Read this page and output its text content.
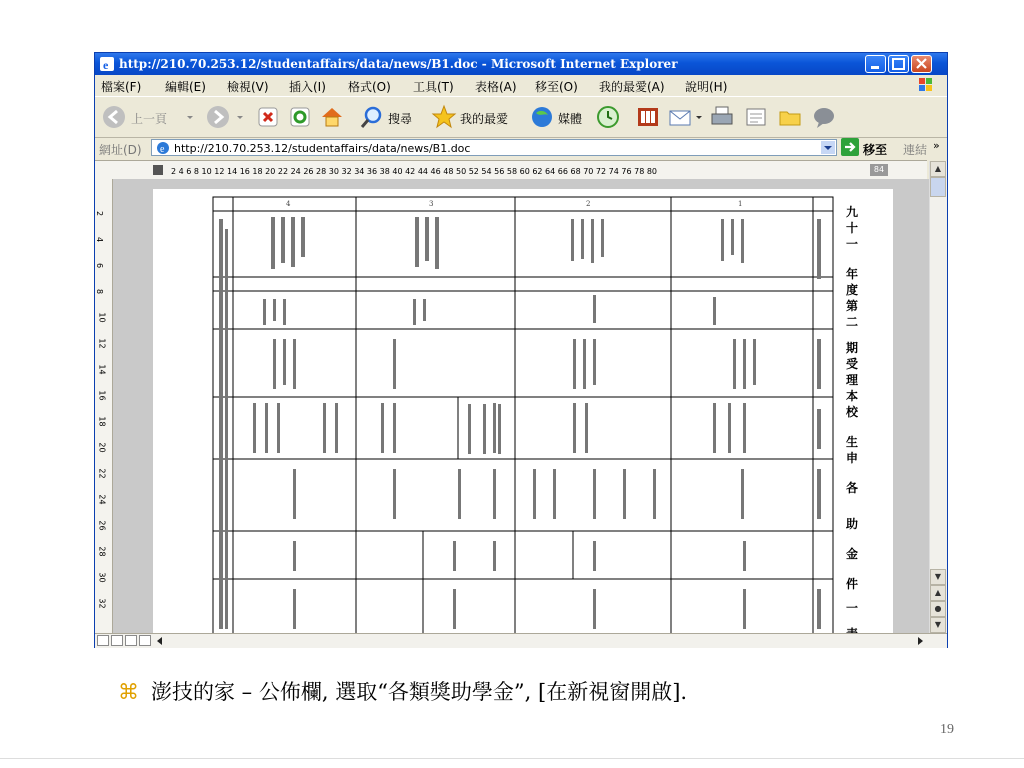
e http://210.70.253.12/studentaffairs/data/news/B1.doc - Microsoft Internet Explorer
檔案(F) 編輯(E) 檢視(V) 插入(I) 格式(O) 工具(T) 表格(A) 移至(O) 我的最愛(A) 說明(H)
上一頁	搜尋	我的最愛	媒體
網址(D) e http://210.70.253.12/studentaffairs/data/news/B1.doc	移至 連結 »
2 4 6 8 10 12 14 16 18 20 22 24 26 28 30 32 34 36 38 40 42 44 46 48 50 52 54 56 58 60 62 64 66 68 70 72 74 76 78 80	84
2
4
6
8
10
12
14
16
18
20
22
24
26
28
30
32
4	3	2	1
九
十
一
年
度
第
二
期
受
理
本
校
生
申
各
助
金
件
一
▲
▼
▲
●
▼
⌘ 澎技的家 – 公佈欄, 選取“各類獎助學金”, [在新視窗開啟].
19
